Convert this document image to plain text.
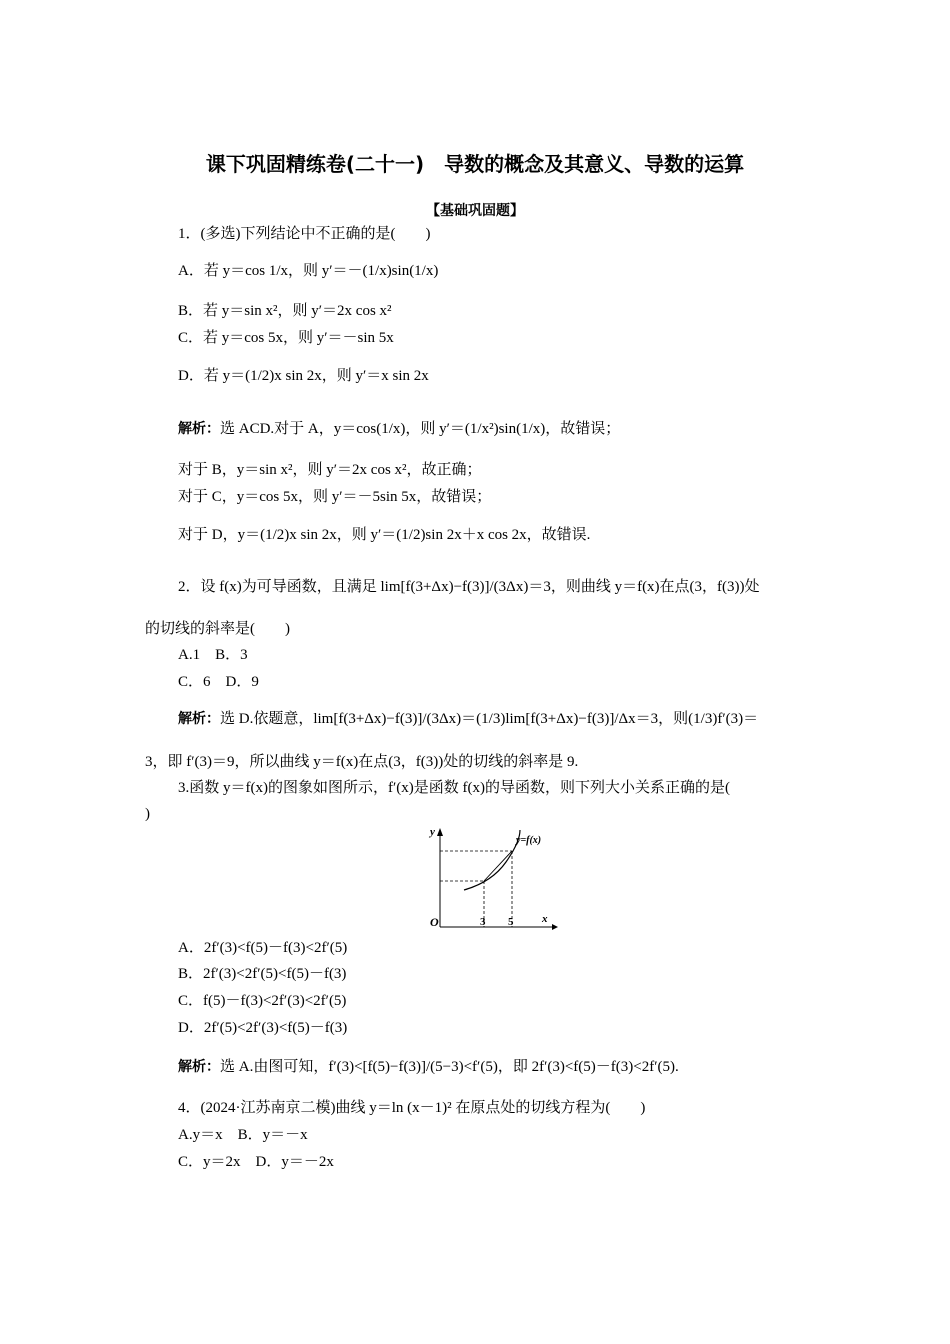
课下巩固精练卷(二十一)　导数的概念及其意义、导数的运算
【基础巩固题】
1．(多选)下列结论中不正确的是(　　)
A．若 y＝cos 1/x，则 y′＝－(1/x)sin(1/x)
B．若 y＝sin x²，则 y′＝2x cos x²
C．若 y＝cos 5x，则 y′＝－sin 5x
D．若 y＝(1/2)x sin 2x，则 y′＝x sin 2x
解析：选 ACD.对于 A，y＝cos(1/x)，则 y′＝(1/x²)sin(1/x)，故错误；
对于 B，y＝sin x²，则 y′＝2x cos x²，故正确；
对于 C，y＝cos 5x，则 y′＝－5sin 5x，故错误；
对于 D，y＝(1/2)x sin 2x，则 y′＝(1/2)sin 2x＋x cos 2x，故错误.
2．设 f(x)为可导函数，且满足 lim[f(3+Δx)−f(3)]/(3Δx)＝3，则曲线 y＝f(x)在点(3，f(3))处
的切线的斜率是(　　)
A.1　B．3
C．6　D．9
解析：选 D.依题意，lim[f(3+Δx)−f(3)]/(3Δx)＝(1/3)lim[f(3+Δx)−f(3)]/Δx＝3，则(1/3)f′(3)＝
3，即 f′(3)＝9，所以曲线 y＝f(x)在点(3，f(3))处的切线的斜率是 9.
3.函数 y＝f(x)的图象如图所示，f′(x)是函数 f(x)的导函数，则下列大小关系正确的是(
)
y
x
O	3 5
y=f(x)
A．2f′(3)<f(5)－f(3)<2f′(5)
B．2f′(3)<2f′(5)<f(5)－f(3)
C．f(5)－f(3)<2f′(3)<2f′(5)
D．2f′(5)<2f′(3)<f(5)－f(3)
解析：选 A.由图可知，f′(3)<[f(5)−f(3)]/(5−3)<f′(5)，即 2f′(3)<f(5)－f(3)<2f′(5).
4．(2024·江苏南京二模)曲线 y＝ln (x－1)² 在原点处的切线方程为(　　)
A.y＝x　B．y＝－x
C．y＝2x　D．y＝－2x
